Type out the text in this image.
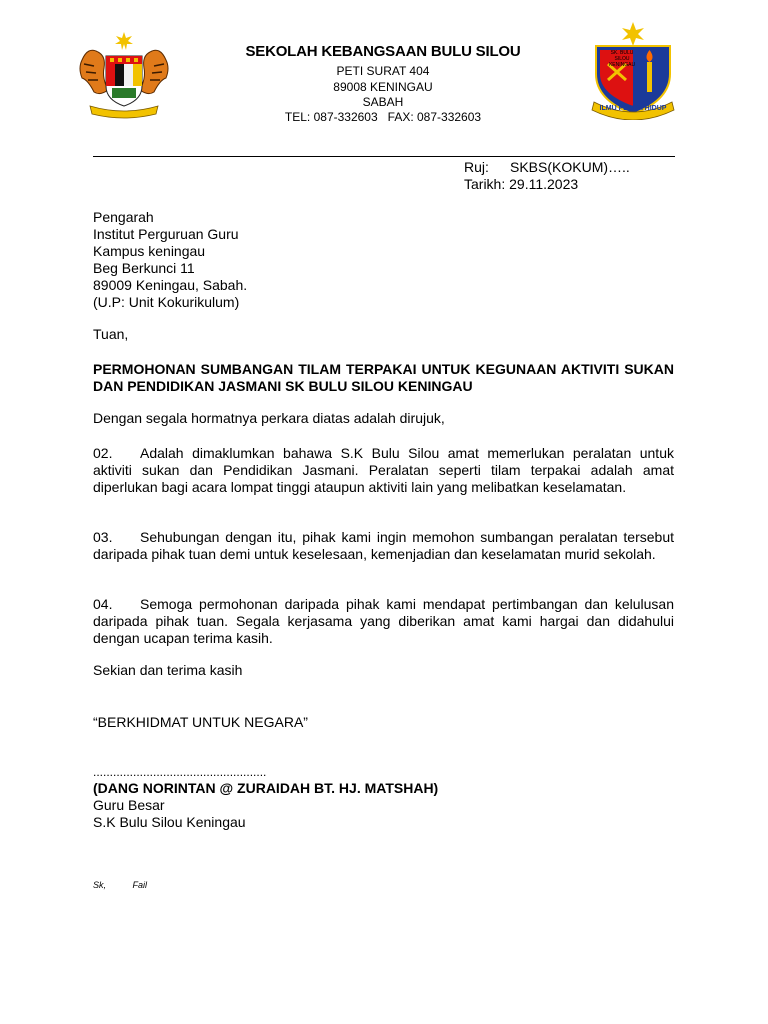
SEKOLAH KEBANGSAAN BULU SILOU
PETI SURAT 404
89008 KENINGAU
SABAH
TEL: 087-332603   FAX: 087-332603
SK. BULU SILOU KENINGAU
ILMU PELITA HIDUP
Ruj: SKBS(KOKUM)…..
Tarikh: 29.11.2023
Pengarah
Institut Perguruan Guru
Kampus keningau
Beg Berkunci 11
89009 Keningau, Sabah.
(U.P: Unit Kokurikulum)
Tuan,
PERMOHONAN SUMBANGAN TILAM TERPAKAI UNTUK KEGUNAAN AKTIVITI SUKAN DAN PENDIDIKAN JASMANI SK BULU SILOU KENINGAU
Dengan segala hormatnya perkara diatas adalah dirujuk,
02. Adalah dimaklumkan bahawa S.K Bulu Silou amat memerlukan peralatan untuk aktiviti sukan dan Pendidikan Jasmani. Peralatan seperti tilam terpakai adalah amat diperlukan bagi acara lompat tinggi ataupun aktiviti lain yang melibatkan keselamatan.
03. Sehubungan dengan itu, pihak kami ingin memohon sumbangan peralatan tersebut daripada pihak tuan demi untuk keselesaan, kemenjadian dan keselamatan murid sekolah.
04. Semoga permohonan daripada pihak kami mendapat pertimbangan dan kelulusan daripada pihak tuan. Segala kerjasama yang diberikan amat kami hargai dan didahului dengan ucapan terima kasih.
Sekian dan terima kasih
“BERKHIDMAT UNTUK NEGARA”
....................................................
(DANG NORINTAN @ ZURAIDAH BT. HJ. MATSHAH)
Guru Besar
S.K Bulu Silou Keningau
Sk,	Fail
